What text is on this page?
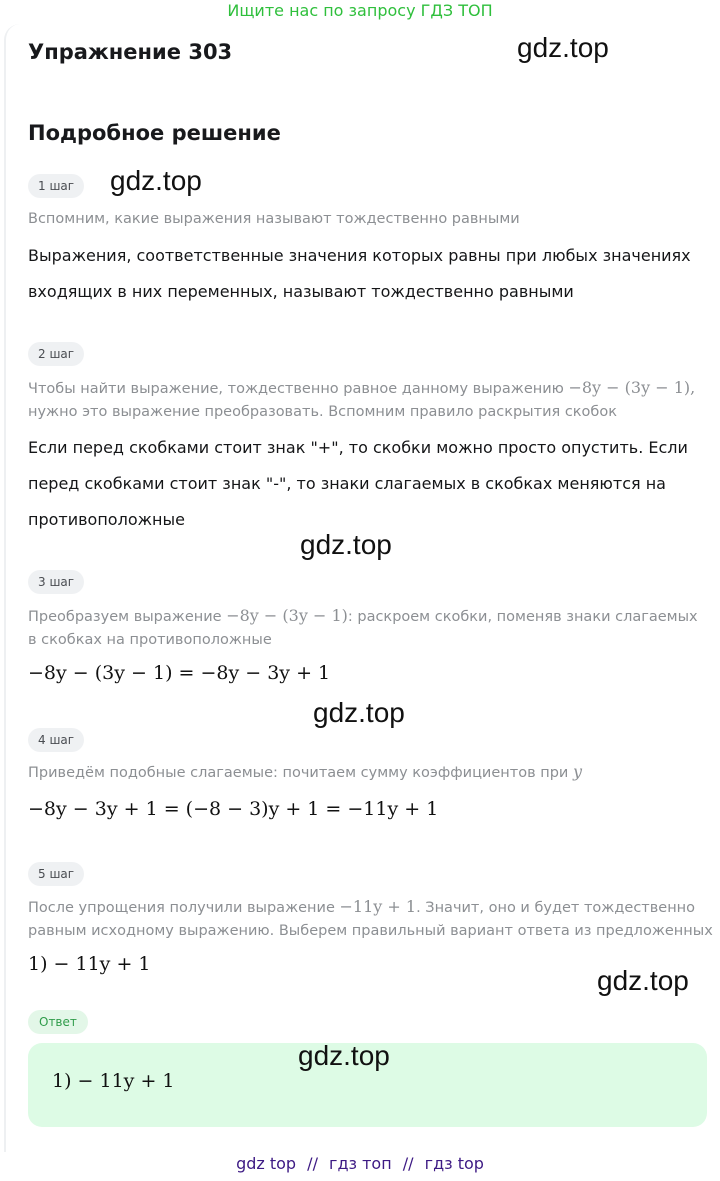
Ищите нас по запросу ГДЗ ТОП
Упражнение 303	gdz.top
Подробное решение
1 шаг	gdz.top
Вспомним, какие выражения называют тождественно равными
Выражения, соответственные значения которых равны при любых значениях
входящих в них переменных, называют тождественно равными
2 шаг
Чтобы найти выражение, тождественно равное данному выражению −8y − (3y − 1),
нужно это выражение преобразовать. Вспомним правило раскрытия скобок
Если перед скобками стоит знак "+", то скобки можно просто опустить. Если
перед скобками стоит знак "-", то знаки слагаемых в скобках меняются на
противоположные
gdz.top
3 шаг
Преобразуем выражение −8y − (3y − 1): раскроем скобки, поменяв знаки слагаемых
в скобках на противоположные
−8y − (3y − 1) = −8y − 3y + 1
gdz.top
4 шаг
Приведём подобные слагаемые: почитаем сумму коэффициентов при y
−8y − 3y + 1 = (−8 − 3)y + 1 = −11y + 1
5 шаг
После упрощения получили выражение −11y + 1. Значит, оно и будет тождественно
равным исходному выражению. Выберем правильный вариант ответа из предложенных
1) − 11y + 1
gdz.top
Ответ
1) − 11y + 1
gdz.top
gdz top // гдз топ // гдз top
